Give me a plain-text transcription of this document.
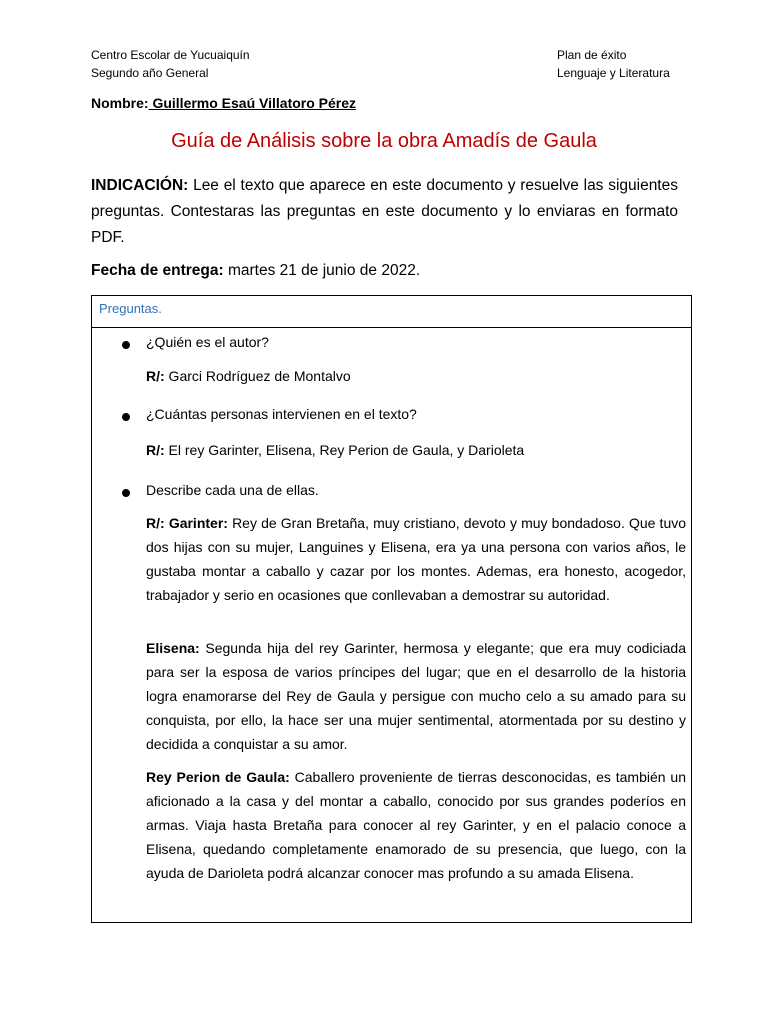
Centro Escolar de Yucuaiquín
Segundo año General
Plan de éxito
Lenguaje y Literatura
Nombre: Guillermo Esaú Villatoro Pérez
Guía de Análisis sobre la obra Amadís de Gaula
INDICACIÓN: Lee el texto que aparece en este documento y resuelve las siguientes preguntas. Contestaras las preguntas en este documento y lo enviaras en formato PDF.
Fecha de entrega: martes 21 de junio de 2022.
Preguntas.
¿Quién es el autor?
R/: Garci Rodríguez de Montalvo
¿Cuántas personas intervienen en el texto?
R/: El rey Garinter, Elisena, Rey Perion de Gaula, y Darioleta
Describe cada una de ellas.
R/: Garinter: Rey de Gran Bretaña, muy cristiano, devoto y muy bondadoso. Que tuvo dos hijas con su mujer, Languines y Elisena, era ya una persona con varios años, le gustaba montar a caballo y cazar por los montes. Ademas, era honesto, acogedor, trabajador y serio en ocasiones que conllevaban a demostrar su autoridad.
Elisena: Segunda hija del rey Garinter, hermosa y elegante; que era muy codiciada para ser la esposa de varios príncipes del lugar; que en el desarrollo de la historia logra enamorarse del Rey de Gaula y persigue con mucho celo a su amado para su conquista, por ello, la hace ser una mujer sentimental, atormentada por su destino y decidida a conquistar a su amor.
Rey Perion de Gaula: Caballero proveniente de tierras desconocidas, es también un aficionado a la casa y del montar a caballo, conocido por sus grandes poderíos en armas. Viaja hasta Bretaña para conocer al rey Garinter, y en el palacio conoce a Elisena, quedando completamente enamorado de su presencia, que luego, con la ayuda de Darioleta podrá alcanzar conocer mas profundo a su amada Elisena.
